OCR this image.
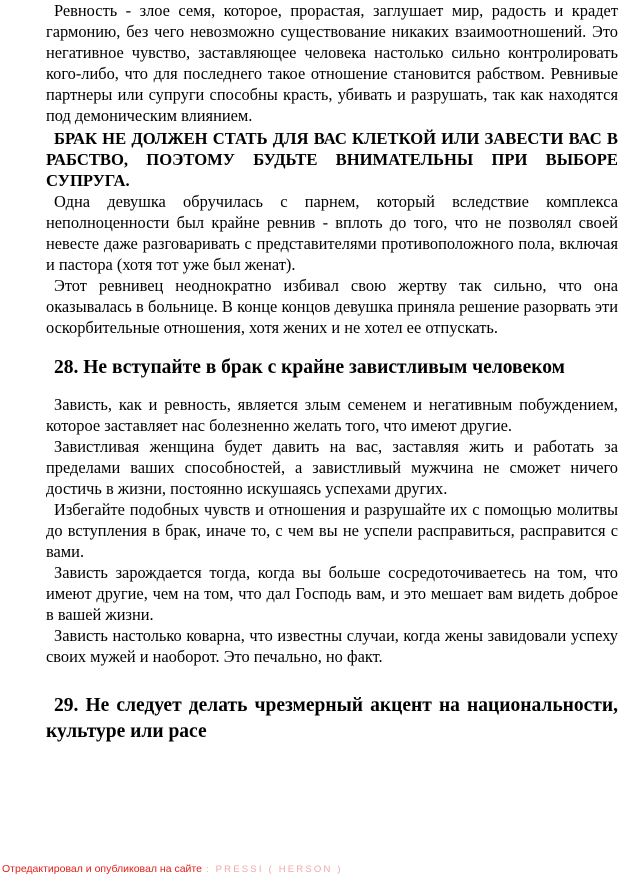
Ревность - злое семя, которое, прорастая, заглушает мир, радость и крадет гармонию, без чего невозможно существование никаких взаимоотношений. Это негативное чувство, заставляющее человека настолько сильно контролировать кого-либо, что для последнего такое отношение становится рабством. Ревнивые партнеры или супруги способны красть, убивать и разрушать, так как находятся под демоническим влиянием.

БРАК НЕ ДОЛЖЕН СТАТЬ ДЛЯ ВАС КЛЕТКОЙ ИЛИ ЗАВЕСТИ ВАС В РАБСТВО, ПОЭТОМУ БУДЬТЕ ВНИМАТЕЛЬНЫ ПРИ ВЫБОРЕ СУПРУГА.

Одна девушка обручилась с парнем, который вследствие комплекса неполноценности был крайне ревнив - вплоть до того, что не позволял своей невесте даже разговаривать с представителями противоположного пола, включая и пастора (хотя тот уже был женат).

Этот ревнивец неоднократно избивал свою жертву так сильно, что она оказывалась в больнице. В конце концов девушка приняла решение разорвать эти оскорбительные отношения, хотя жених и не хотел ее отпускать.

28. Не вступайте в брак с крайне завистливым человеком

Зависть, как и ревность, является злым семенем и негативным побуждением, которое заставляет нас болезненно желать того, что имеют другие.

Завистливая женщина будет давить на вас, заставляя жить и работать за пределами ваших способностей, а завистливый мужчина не сможет ничего достичь в жизни, постоянно искушаясь успехами других.

Избегайте подобных чувств и отношения и разрушайте их с помощью молитвы до вступления в брак, иначе то, с чем вы не успели расправиться, расправится с вами.

Зависть зарождается тогда, когда вы больше сосредоточиваетесь на том, что имеют другие, чем на том, что дал Господь вам, и это мешает вам видеть доброе в вашей жизни.

Зависть настолько коварна, что известны случаи, когда жены завидовали успеху своих мужей и наоборот. Это печально, но факт.

29. Не следует делать чрезмерный акцент на национальности, культуре или расе
Отредактировал и опубликовал на сайте : PRESSI ( HERSON )
